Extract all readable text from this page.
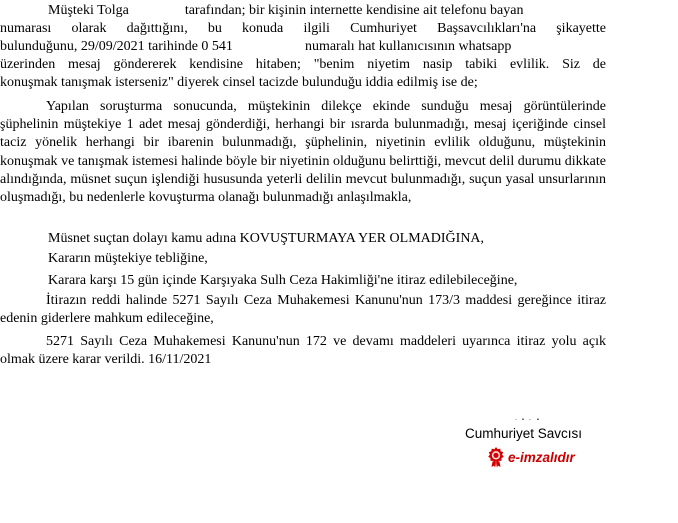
Müşteki Tolga	tarafından; bir kişinin internette kendisine ait telefonu bayan
numarası olarak dağıttığını, bu konuda ilgili Cumhuriyet Başsavcılıkları'na şikayette
bulunduğunu, 29/09/2021 tarihinde 0 541	numaralı hat kullanıcısının whatsapp
üzerinden mesaj göndererek kendisine hitaben; "benim niyetim nasip tabiki evlilik. Siz de
konuşmak tanışmak isterseniz" diyerek cinsel tacizde bulunduğu iddia edilmiş ise de;

Yapılan soruşturma sonucunda, müştekinin dilekçe ekinde sunduğu mesaj görüntülerinde şüphelinin müştekiye 1 adet mesaj gönderdiği, herhangi bir ısrarda bulunmadığı, mesaj içeriğinde cinsel taciz yönelik herhangi bir ibarenin bulunmadığı, şüphelinin, niyetinin evlilik olduğunu, müştekinin konuşmak ve tanışmak istemesi halinde böyle bir niyetinin olduğunu belirttiği, mevcut delil durumu dikkate alındığında, müsnet suçun işlendiği hususunda yeterli delilin mevcut bulunmadığı, suçun yasal unsurlarının oluşmadığı, bu nedenlerle kovuşturma olanağı bulunmadığı anlaşılmakla,

Müsnet suçtan dolayı kamu adına KOVUŞTURMAYA YER OLMADIĞINA,
Kararın müştekiye tebliğine,
Karara karşı 15 gün içinde Karşıyaka Sulh Ceza Hakimliği'ne itiraz edilebileceğine,

İtirazın reddi halinde 5271 Sayılı Ceza Muhakemesi Kanunu'nun 173/3 maddesi gereğince itiraz edenin giderlere mahkum edileceğine,

5271 Sayılı Ceza Muhakemesi Kanunu'nun 172 ve devamı maddeleri uyarınca itiraz yolu açık olmak üzere karar verildi. 16/11/2021

Cumhuriyet Savcısı
e-imzalıdır
